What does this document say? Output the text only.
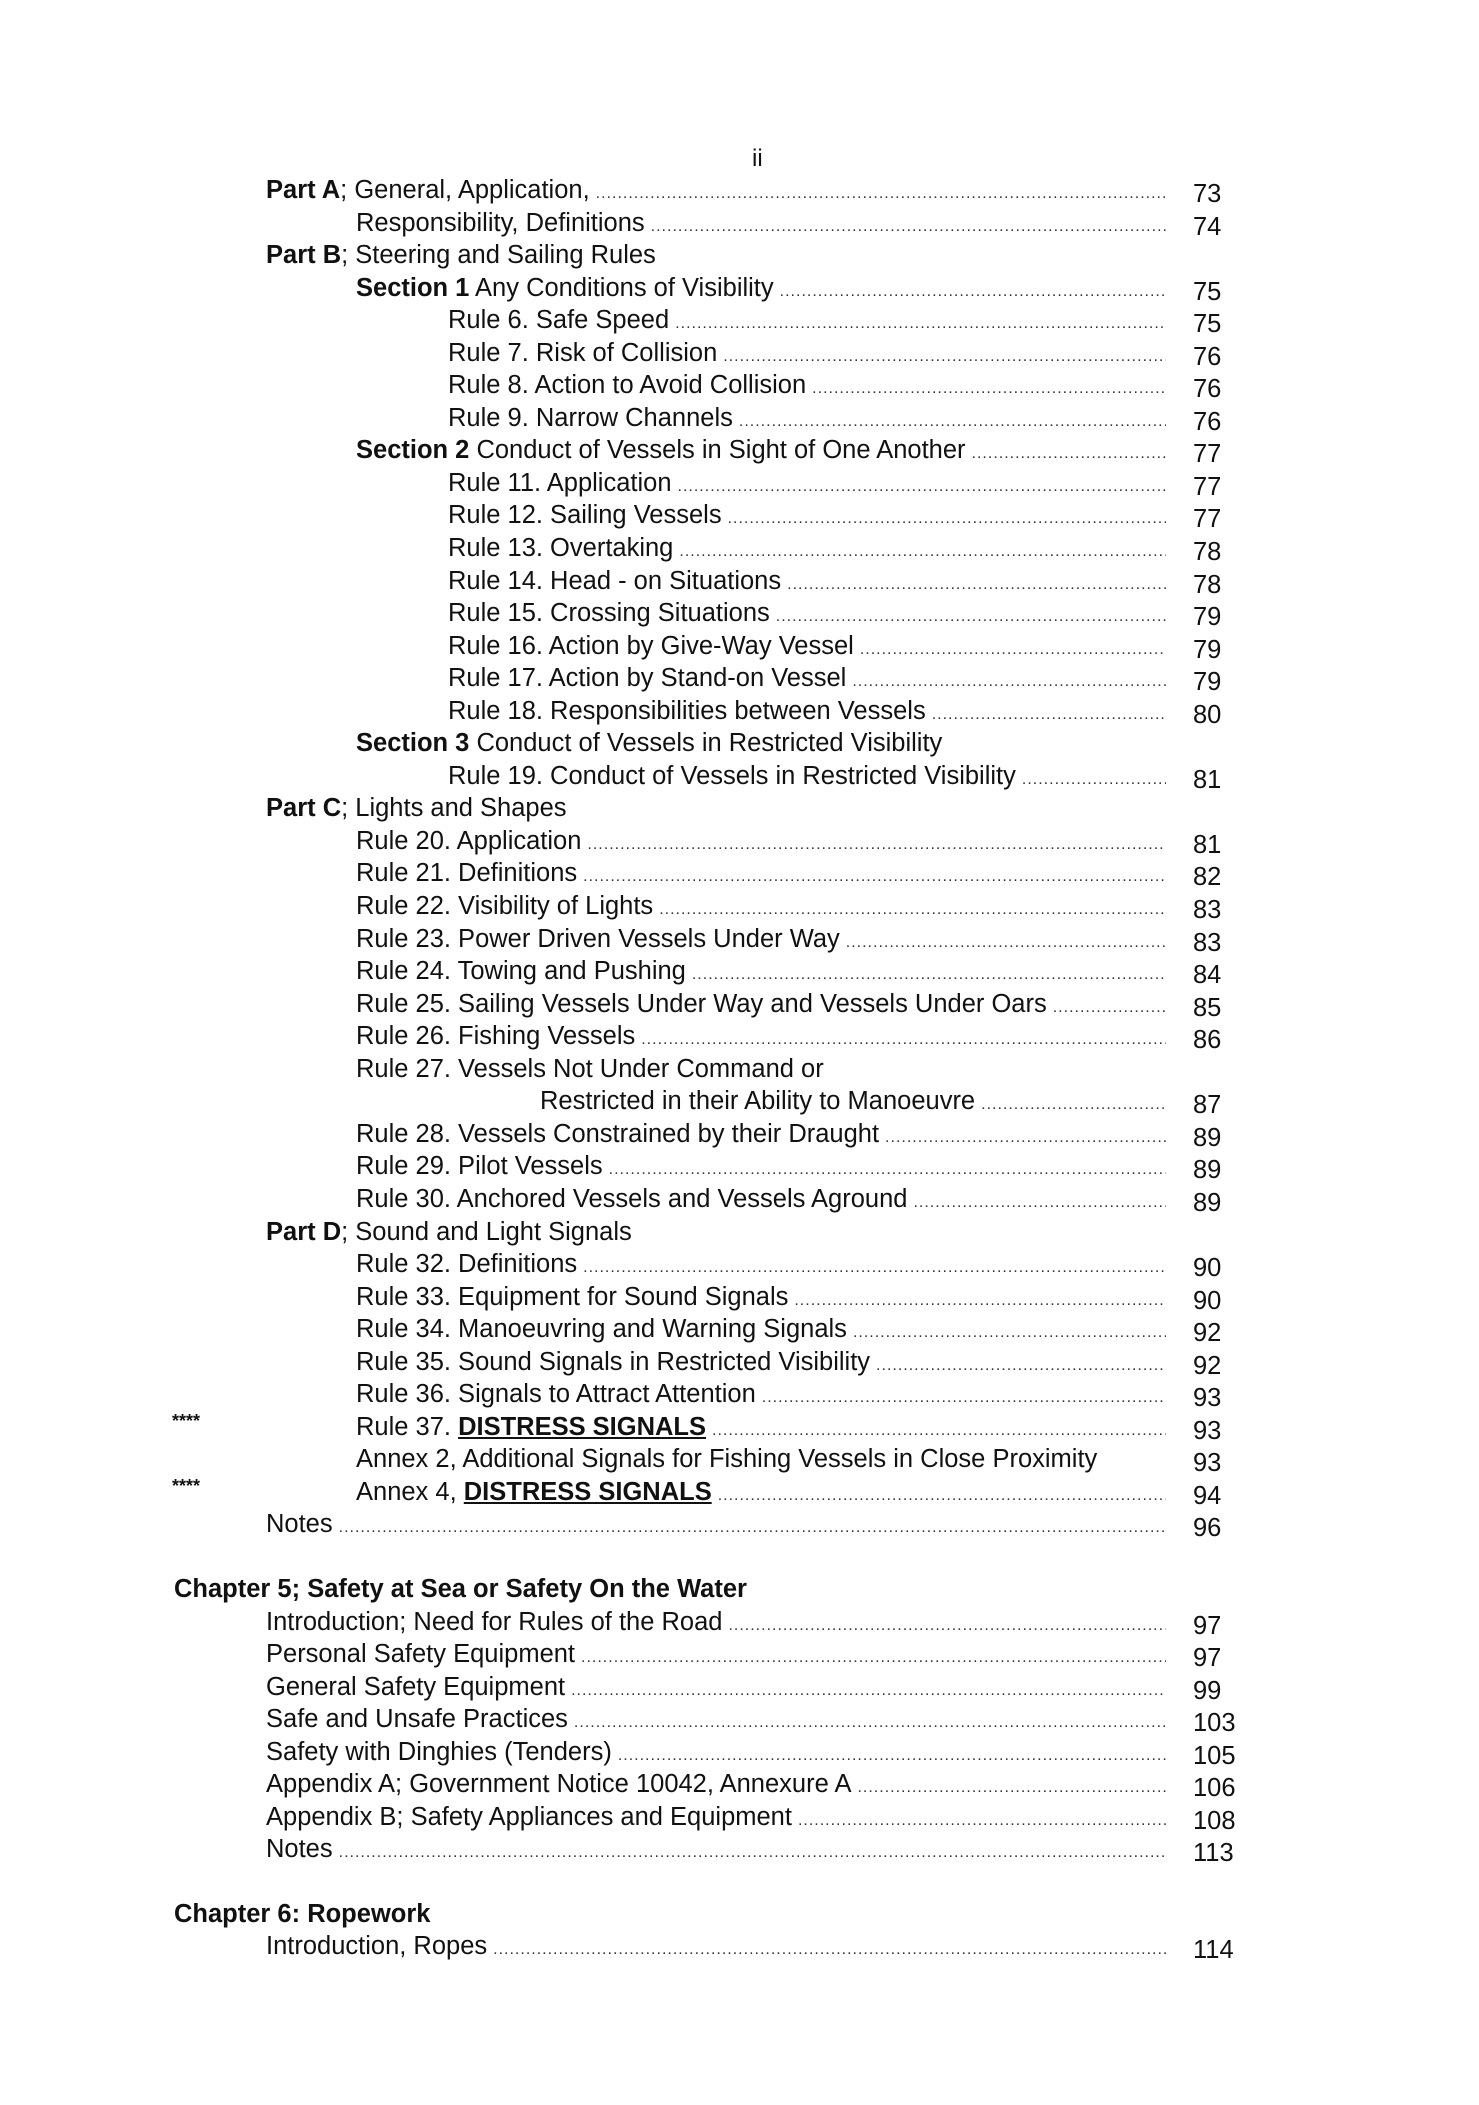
ii
Part A; General, Application, .....	73
Responsibility, Definitions .....	74
Part B; Steering and Sailing Rules
Section 1 Any Conditions of Visibility .....	75
Rule 6. Safe Speed .....	75
Rule 7. Risk of Collision .....	76
Rule 8. Action to Avoid Collision .....	76
Rule 9. Narrow Channels .....	76
Section 2 Conduct of Vessels in Sight of One Another .....	77
Rule 11. Application .....	77
Rule 12. Sailing Vessels .....	77
Rule 13. Overtaking .....	78
Rule 14. Head - on Situations .....	78
Rule 15. Crossing Situations .....	79
Rule 16. Action by Give-Way Vessel .....	79
Rule 17. Action by Stand-on Vessel .....	79
Rule 18. Responsibilities between Vessels .....	80
Section 3 Conduct of Vessels in Restricted Visibility
Rule 19. Conduct of Vessels in Restricted Visibility .....	81
Part C; Lights and Shapes
Rule 20. Application .....	81
Rule 21. Definitions .....	82
Rule 22. Visibility of Lights .....	83
Rule 23. Power Driven Vessels Under Way .....	83
Rule 24. Towing and Pushing .....	84
Rule 25. Sailing Vessels Under Way and Vessels Under Oars .....	85
Rule 26. Fishing Vessels .....	86
Rule 27. Vessels Not Under Command or
Restricted in their Ability to Manoeuvre .....	87
Rule 28. Vessels Constrained by their Draught .....	89
Rule 29. Pilot Vessels .....	89
Rule 30. Anchored Vessels and Vessels Aground .....	89
Part D; Sound and Light Signals
Rule 32. Definitions .....	90
Rule 33. Equipment for Sound Signals .....	90
Rule 34. Manoeuvring and Warning Signals .....	92
Rule 35. Sound Signals in Restricted Visibility .....	92
Rule 36. Signals to Attract Attention .....	93
****	Rule 37. DISTRESS SIGNALS .....	93
Annex 2, Additional Signals for Fishing Vessels in Close Proximity	93
****	Annex 4, DISTRESS SIGNALS .....	94
Notes .....	96
Chapter 5; Safety at Sea or Safety On the Water
Introduction; Need for Rules of the Road .....	97
Personal Safety Equipment .....	97
General Safety Equipment .....	99
Safe and Unsafe Practices .....	103
Safety with Dinghies (Tenders) .....	105
Appendix A; Government Notice 10042, Annexure A .....	106
Appendix B; Safety Appliances and Equipment .....	108
Notes .....	113
Chapter 6: Ropework
Introduction, Ropes .....	114
